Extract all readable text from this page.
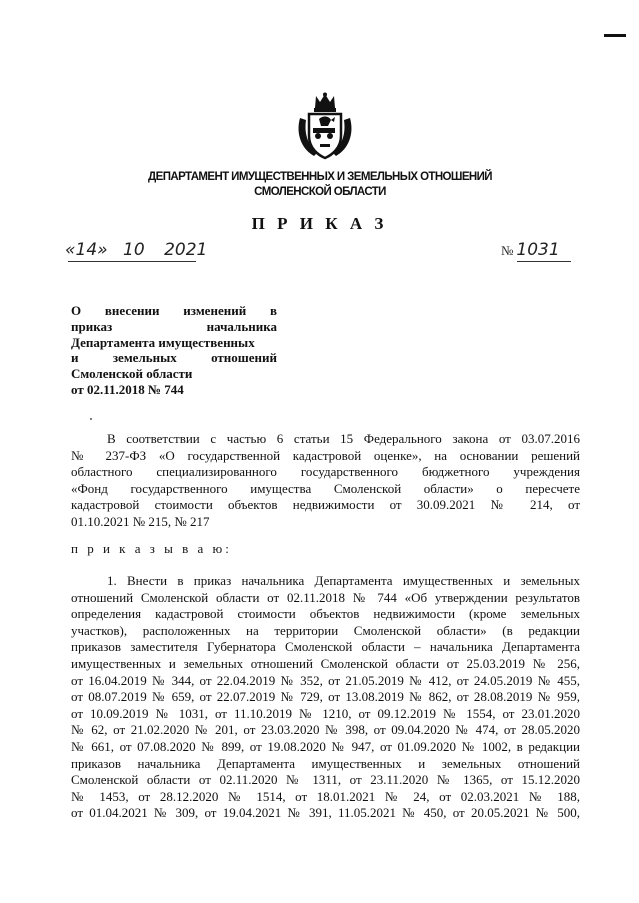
ДЕПАРТАМЕНТ ИМУЩЕСТВЕННЫХ И ЗЕМЕЛЬНЫХ ОТНОШЕНИЙ
СМОЛЕНСКОЙ ОБЛАСТИ
П Р И К А З
«14» 10 2021	№ 1031
О внесении изменений в
приказ начальника
Департамента имущественных
и земельных отношений
Смоленской области
от 02.11.2018 № 744
В соответствии с частью 6 статьи 15 Федерального закона от 03.07.2016
№ 237-ФЗ «О государственной кадастровой оценке», на основании решений
областного специализированного государственного бюджетного учреждения
«Фонд государственного имущества Смоленской области» о пересчете
кадастровой стоимости объектов недвижимости от 30.09.2021 № 214, от
01.10.2021 № 215, № 217
п р и к а з ы в а ю:
1. Внести в приказ начальника Департамента имущественных и земельных
отношений Смоленской области от 02.11.2018 № 744 «Об утверждении результатов
определения кадастровой стоимости объектов недвижимости (кроме земельных
участков), расположенных на территории Смоленской области» (в редакции
приказов заместителя Губернатора Смоленской области – начальника Департамента
имущественных и земельных отношений Смоленской области от 25.03.2019 № 256,
от 16.04.2019 № 344, от 22.04.2019 № 352, от 21.05.2019 № 412, от 24.05.2019 № 455,
от 08.07.2019 № 659, от 22.07.2019 № 729, от 13.08.2019 № 862, от 28.08.2019 № 959,
от 10.09.2019 № 1031, от 11.10.2019 № 1210, от 09.12.2019 № 1554, от 23.01.2020
№ 62, от 21.02.2020 № 201, от 23.03.2020 № 398, от 09.04.2020 № 474, от 28.05.2020
№ 661, от 07.08.2020 № 899, от 19.08.2020 № 947, от 01.09.2020 № 1002, в редакции
приказов начальника Департамента имущественных и земельных отношений
Смоленской области от 02.11.2020 № 1311, от 23.11.2020 № 1365, от 15.12.2020
№ 1453, от 28.12.2020 № 1514, от 18.01.2021 № 24, от 02.03.2021 № 188,
от 01.04.2021 № 309, от 19.04.2021 № 391, 11.05.2021 № 450, от 20.05.2021 № 500,
